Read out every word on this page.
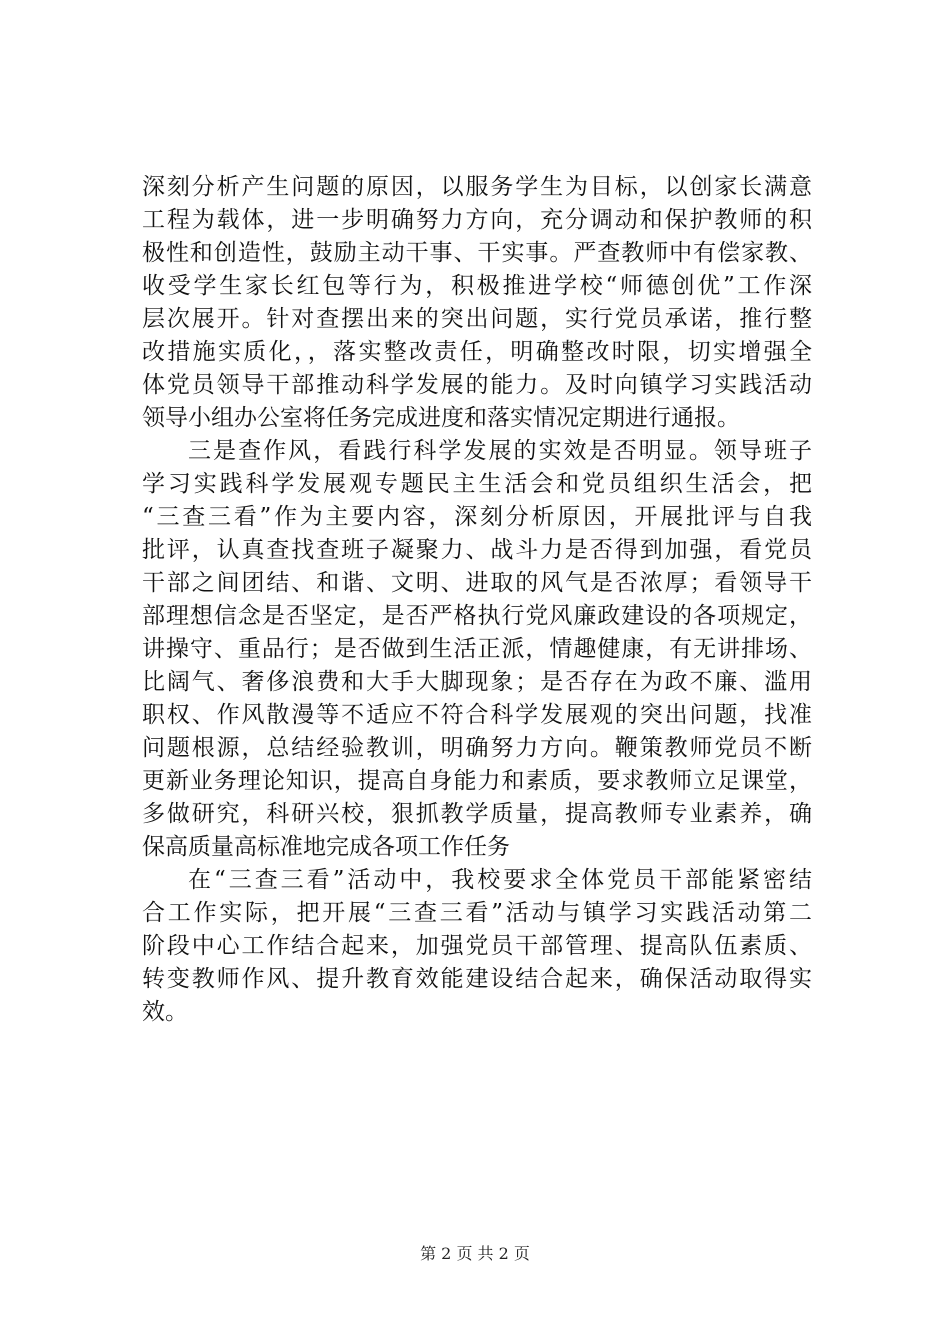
深刻分析产生问题的原因，以服务学生为目标，以创家长满意
工程为载体，进一步明确努力方向，充分调动和保护教师的积
极性和创造性，鼓励主动干事、干实事。严查教师中有偿家教、
收受学生家长红包等行为，积极推进学校“师德创优”工作深
层次展开。针对查摆出来的突出问题，实行党员承诺，推行整
改措施实质化，，落实整改责任，明确整改时限，切实增强全
体党员领导干部推动科学发展的能力。及时向镇学习实践活动
领导小组办公室将任务完成进度和落实情况定期进行通报。
三是查作风，看践行科学发展的实效是否明显。领导班子
学习实践科学发展观专题民主生活会和党员组织生活会，把
“三查三看”作为主要内容，深刻分析原因，开展批评与自我
批评，认真查找查班子凝聚力、战斗力是否得到加强，看党员
干部之间团结、和谐、文明、进取的风气是否浓厚；看领导干
部理想信念是否坚定，是否严格执行党风廉政建设的各项规定，
讲操守、重品行；是否做到生活正派，情趣健康，有无讲排场、
比阔气、奢侈浪费和大手大脚现象；是否存在为政不廉、滥用
职权、作风散漫等不适应不符合科学发展观的突出问题，找准
问题根源，总结经验教训，明确努力方向。鞭策教师党员不断
更新业务理论知识，提高自身能力和素质，要求教师立足课堂，
多做研究，科研兴校，狠抓教学质量，提高教师专业素养，确
保高质量高标准地完成各项工作任务
在“三查三看”活动中，我校要求全体党员干部能紧密结
合工作实际，把开展“三查三看”活动与镇学习实践活动第二
阶段中心工作结合起来，加强党员干部管理、提高队伍素质、
转变教师作风、提升教育效能建设结合起来，确保活动取得实
效。
第 2 页 共 2 页
